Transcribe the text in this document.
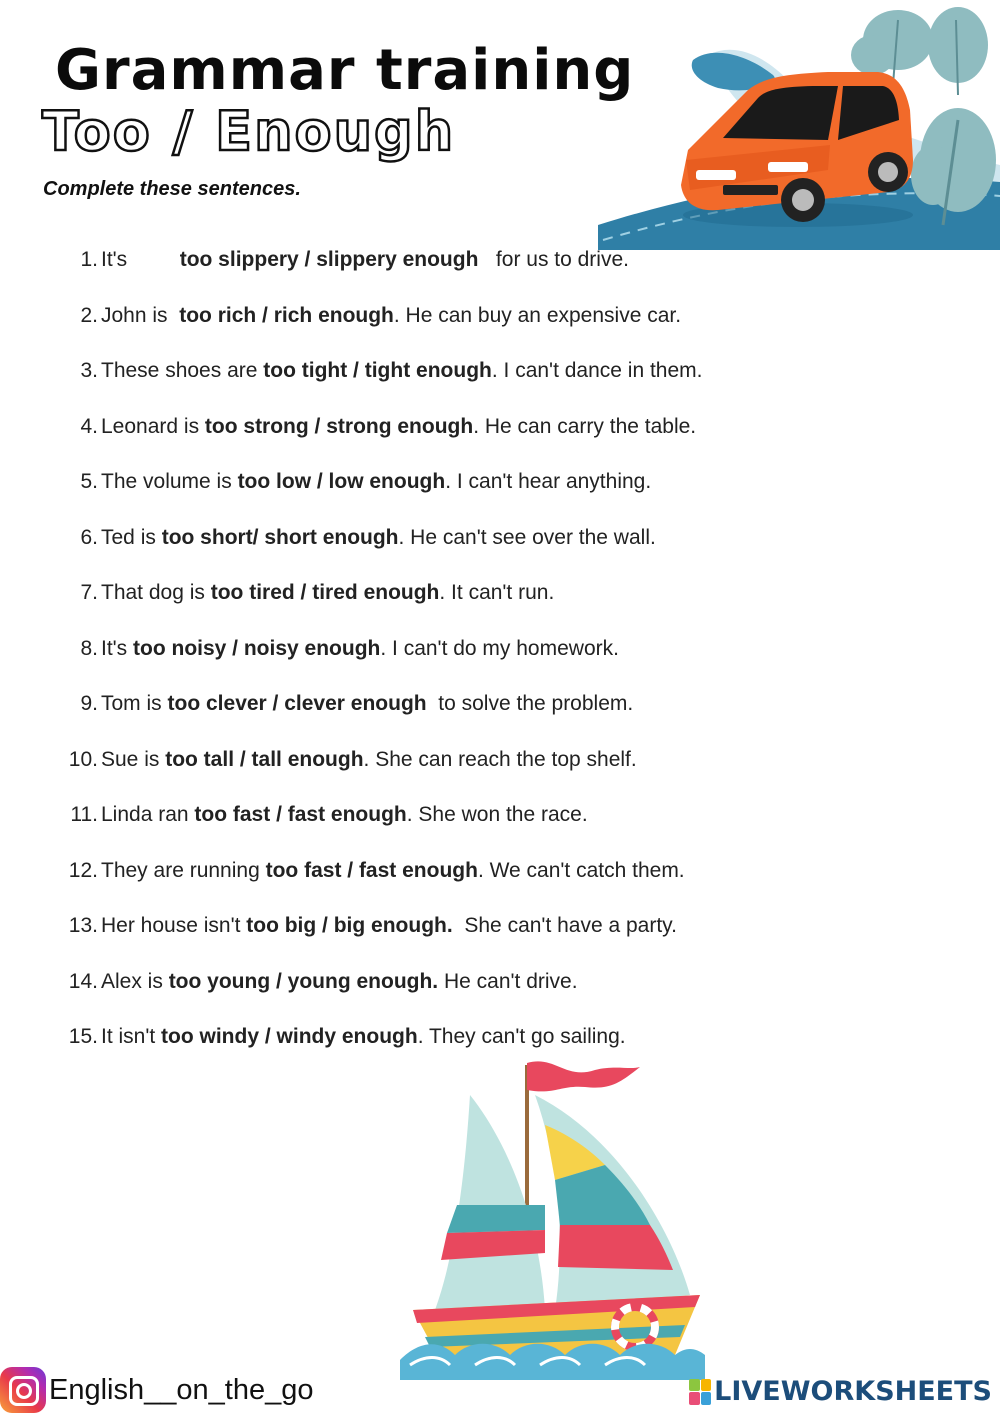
Grammar training
Too / Enough

Complete these sentences.

1. It's         too slippery / slippery enough   for us to drive.
2. John is  too rich / rich enough. He can buy an expensive car.
3. These shoes are too tight / tight enough. I can't dance in them.
4. Leonard is too strong / strong enough. He can carry the table.
5. The volume is too low / low enough. I can't hear anything.
6. Ted is too short/ short enough. He can't see over the wall.
7. That dog is too tired / tired enough. It can't run.
8. It's too noisy / noisy enough. I can't do my homework.
9. Tom is too clever / clever enough  to solve the problem.
10. Sue is too tall / tall enough. She can reach the top shelf.
11. Linda ran too fast / fast enough. She won the race.
12. They are running too fast / fast enough. We can't catch them.
13. Her house isn't too big / big enough.  She can't have a party.
14. Alex is too young / young enough. He can't drive.
15. It isn't too windy / windy enough. They can't go sailing.
English__on_the_go	LIVEWORKSHEETS
